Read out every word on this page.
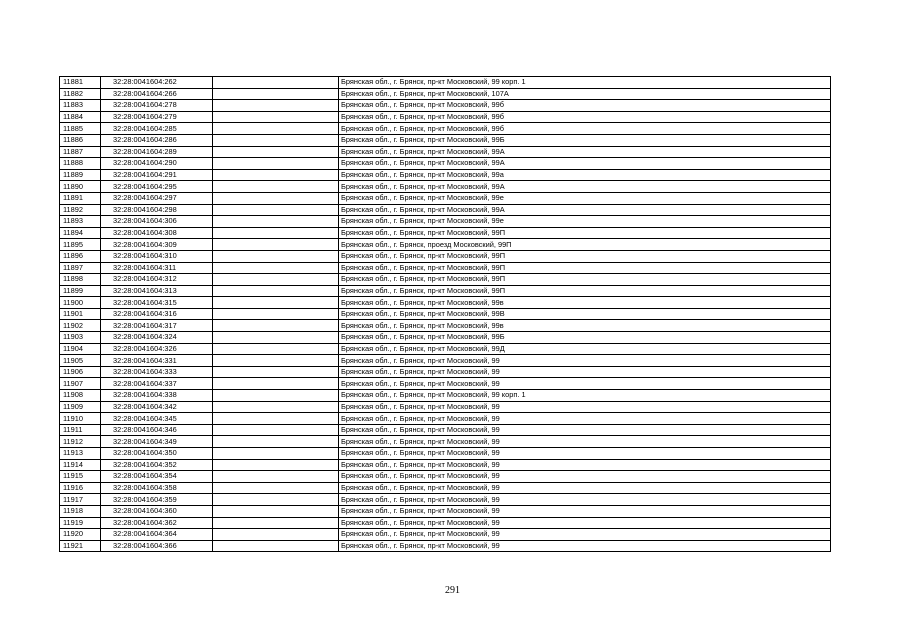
11881	32:28:0041604:262		Брянская обл., г. Брянск, пр-кт Московский, 99 корп. 1
11882	32:28:0041604:266		Брянская обл., г. Брянск, пр-кт Московский, 107А
11883	32:28:0041604:278		Брянская обл., г. Брянск, пр-кт Московский, 99б
11884	32:28:0041604:279		Брянская обл., г. Брянск, пр-кт Московский, 99б
11885	32:28:0041604:285		Брянская обл., г. Брянск, пр-кт Московский, 99б
11886	32:28:0041604:286		Брянская обл., г. Брянск, пр-кт Московский, 99Б
11887	32:28:0041604:289		Брянская обл., г. Брянск, пр-кт Московский, 99А
11888	32:28:0041604:290		Брянская обл., г. Брянск, пр-кт Московский, 99А
11889	32:28:0041604:291		Брянская обл., г. Брянск, пр-кт Московский, 99а
11890	32:28:0041604:295		Брянская обл., г. Брянск, пр-кт Московский, 99А
11891	32:28:0041604:297		Брянская обл., г. Брянск, пр-кт Московский, 99е
11892	32:28:0041604:298		Брянская обл., г. Брянск, пр-кт Московский, 99А
11893	32:28:0041604:306		Брянская обл., г. Брянск, пр-кт Московский, 99е
11894	32:28:0041604:308		Брянская обл., г. Брянск, пр-кт Московский, 99П
11895	32:28:0041604:309		Брянская обл., г. Брянск, проезд Московский, 99П
11896	32:28:0041604:310		Брянская обл., г. Брянск, пр-кт Московский, 99П
11897	32:28:0041604:311		Брянская обл., г. Брянск, пр-кт Московский, 99П
11898	32:28:0041604:312		Брянская обл., г. Брянск, пр-кт Московский, 99П
11899	32:28:0041604:313		Брянская обл., г. Брянск, пр-кт Московский, 99П
11900	32:28:0041604:315		Брянская обл., г. Брянск, пр-кт Московский, 99в
11901	32:28:0041604:316		Брянская обл., г. Брянск, пр-кт Московский, 99В
11902	32:28:0041604:317		Брянская обл., г. Брянск, пр-кт Московский, 99в
11903	32:28:0041604:324		Брянская обл., г. Брянск, пр-кт Московский, 99Б
11904	32:28:0041604:326		Брянская обл., г. Брянск, пр-кт Московский, 99Д
11905	32:28:0041604:331		Брянская обл., г. Брянск, пр-кт Московский, 99
11906	32:28:0041604:333		Брянская обл., г. Брянск, пр-кт Московский, 99
11907	32:28:0041604:337		Брянская обл., г. Брянск, пр-кт Московский, 99
11908	32:28:0041604:338		Брянская обл., г. Брянск, пр-кт Московский, 99 корп. 1
11909	32:28:0041604:342		Брянская обл., г. Брянск, пр-кт Московский, 99
11910	32:28:0041604:345		Брянская обл., г. Брянск, пр-кт Московский, 99
11911	32:28:0041604:346		Брянская обл., г. Брянск, пр-кт Московский, 99
11912	32:28:0041604:349		Брянская обл., г. Брянск, пр-кт Московский, 99
11913	32:28:0041604:350		Брянская обл., г. Брянск, пр-кт Московский, 99
11914	32:28:0041604:352		Брянская обл., г. Брянск, пр-кт Московский, 99
11915	32:28:0041604:354		Брянская обл., г. Брянск, пр-кт Московский, 99
11916	32:28:0041604:358		Брянская обл., г. Брянск, пр-кт Московский, 99
11917	32:28:0041604:359		Брянская обл., г. Брянск, пр-кт Московский, 99
11918	32:28:0041604:360		Брянская обл., г. Брянск, пр-кт Московский, 99
11919	32:28:0041604:362		Брянская обл., г. Брянск, пр-кт Московский, 99
11920	32:28:0041604:364		Брянская обл., г. Брянск, пр-кт Московский, 99
11921	32:28:0041604:366		Брянская обл., г. Брянск, пр-кт Московский, 99
291
